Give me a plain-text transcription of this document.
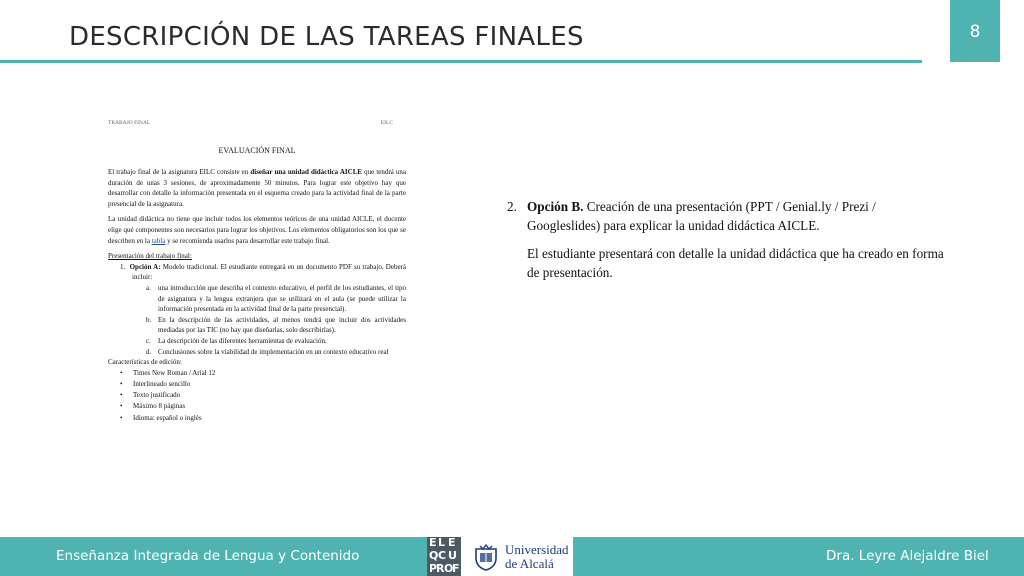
DESCRIPCIÓN DE LAS TAREAS FINALES	8
TRABAJO FINAL	EILC
EVALUACIÓN FINAL

El trabajo final de la asignatura EILC consiste en diseñar una unidad didáctica AICLE que tendrá una duración de unas 3 sesiones, de aproximadamente 50 minutos. Para lograr este objetivo hay que desarrollar con detalle la información presentada en el esquema creado para la actividad final de la parte presencial de la asignatura.

La unidad didáctica no tiene que incluir todos los elementos teóricos de una unidad AICLE, el docente elige qué componentes son necesarios para lograr los objetivos. Los elementos obligatorios son los que se describen en la tabla y se recomienda usarlos para desarrollar este trabajo final.

Presentación del trabajo final:

1. Opción A: Modelo tradicional. El estudiante entregará en un documento PDF su trabajo. Deberá incluir:

a.	una introducción que describa el contexto educativo, el perfil de los estudiantes, el tipo de asignatura y la lengua extranjera que se utilizará en el aula (se puede utilizar la información presentada en la actividad final de la parte presencial).
b. En la descripción de las actividades, al menos tendrá que incluir dos actividades mediadas por las TIC (no hay que diseñarlas, solo describirlas).
c.	La descripción de las diferentes herramientas de evaluación.
d. Conclusiones sobre la viabilidad de implementación en un contexto educativo real

Características de edición:

•	Times New Roman / Arial 12
•	Interlineado sencillo
•	Texto justificado
•	Máximo 8 páginas
•	Idioma: español o inglés
2. Opción B. Creación de una presentación (PPT / Genial.ly / Prezi / Googleslides) para explicar la unidad didáctica AICLE.

El estudiante presentará con detalle la unidad didáctica que ha creado en forma de presentación.

Enseñanza Integrada de Lengua y Contenido	Dra. Leyre Alejaldre Biel
E L E
C U
P
R O
F
Q	Universidad
de Alcalá
